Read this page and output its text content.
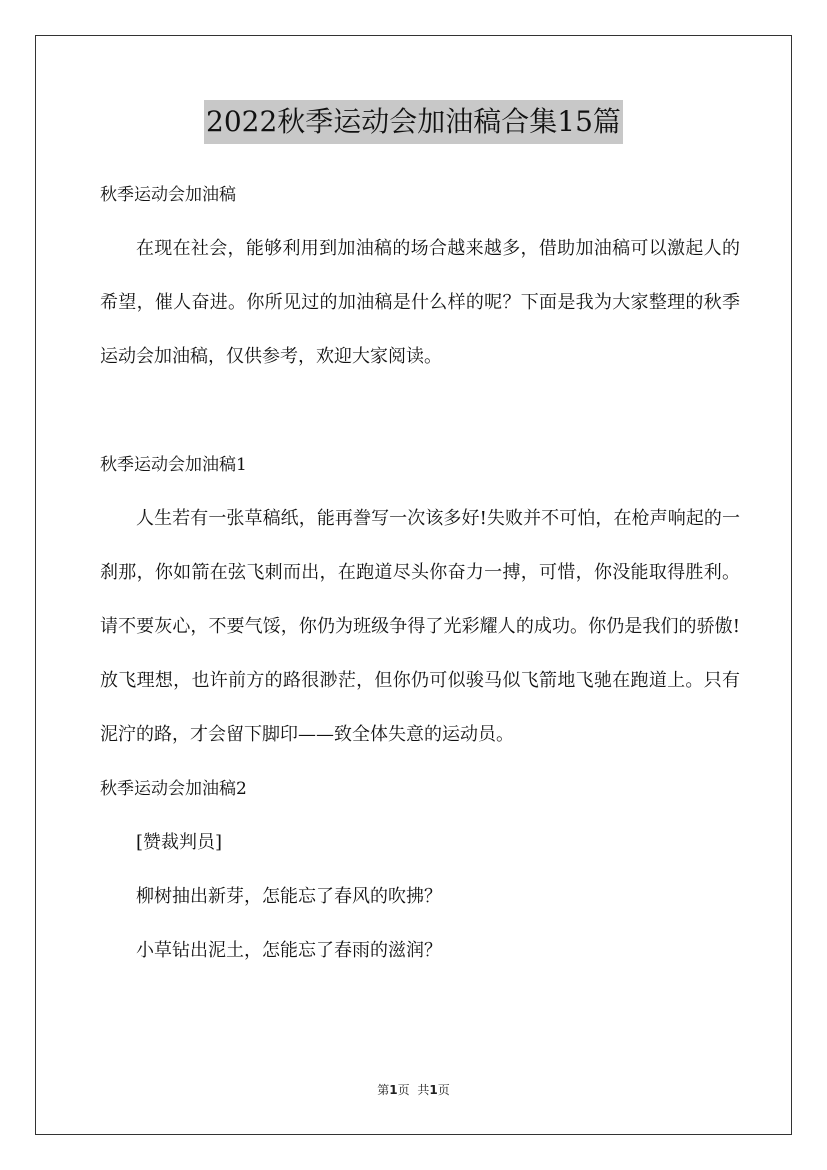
2022秋季运动会加油稿合集15篇

秋季运动会加油稿

在现在社会，能够利用到加油稿的场合越来越多，借助加油稿可以激起人的希望，催人奋进。你所见过的加油稿是什么样的呢？下面是我为大家整理的秋季运动会加油稿，仅供参考，欢迎大家阅读。

秋季运动会加油稿1

人生若有一张草稿纸，能再誊写一次该多好!失败并不可怕，在枪声响起的一刹那，你如箭在弦飞刺而出，在跑道尽头你奋力一搏，可惜，你没能取得胜利。请不要灰心，不要气馁，你仍为班级争得了光彩耀人的成功。你仍是我们的骄傲!放飞理想，也许前方的路很渺茫，但你仍可似骏马似飞箭地飞驰在跑道上。只有泥泞的路，才会留下脚印——致全体失意的运动员。

秋季运动会加油稿2

[赞裁判员]

柳树抽出新芽，怎能忘了春风的吹拂？

小草钻出泥土，怎能忘了春雨的滋润？

第1页 共1页
